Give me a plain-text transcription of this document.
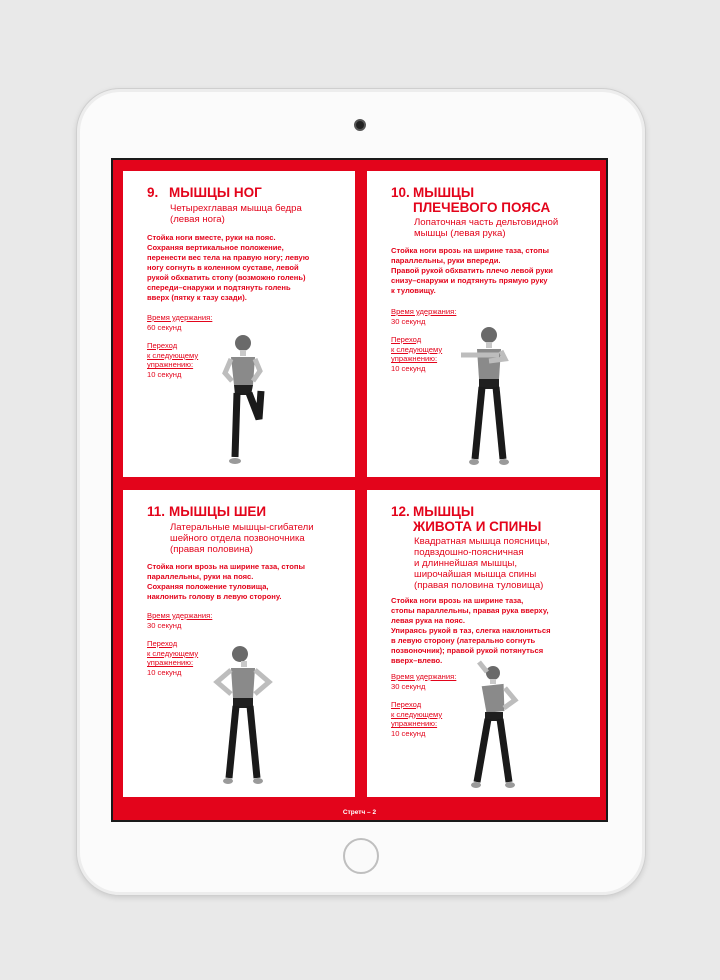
9. МЫШЦЫ НОГ
Четырехглавая мышца бедра
(левая нога)
Стойка ноги вместе, руки на пояс.
Сохраняя вертикальное положение,
перенести вес тела на правую ногу; левую
ногу согнуть в коленном суставе, левой
рукой обхватить стопу (возможно голень)
спереди–снаружи и подтянуть голень
вверх (пятку к тазу сзади).
Время удержания:
60 секунд
Переход
к следующему
упражнению:
10 секунд
10. МЫШЦЫ
ПЛЕЧЕВОГО ПОЯСА
Лопаточная часть дельтовидной
мышцы (левая рука)
Стойка ноги врозь на ширине таза, стопы
параллельны, руки впереди.
Правой рукой обхватить плечо левой руки
снизу–снаружи и подтянуть прямую руку
к туловищу.
Время удержания:
30 секунд
Переход
к следующему
упражнению:
10 секунд
11. МЫШЦЫ ШЕИ
Латеральные мышцы-сгибатели
шейного отдела позвоночника
(правая половина)
Стойка ноги врозь на ширине таза, стопы
параллельны, руки на пояс.
Сохраняя положение туловища,
наклонить голову в левую сторону.
Время удержания:
30 секунд
Переход
к следующему
упражнению:
10 секунд
12. МЫШЦЫ
ЖИВОТА И СПИНЫ
Квадратная мышца поясницы,
подвздошно-поясничная
и длиннейшая мышцы,
широчайшая мышца спины
(правая половина туловища)
Стойка ноги врозь на ширине таза,
стопы параллельны, правая рука вверху,
левая рука на пояс.
Упираясь рукой в таз, слегка наклониться
в левую сторону (латерально согнуть
позвоночник); правой рукой потянуться
вверх–влево.
Время удержания:
30 секунд
Переход
к следующему
упражнению:
10 секунд
Стретч – 2
